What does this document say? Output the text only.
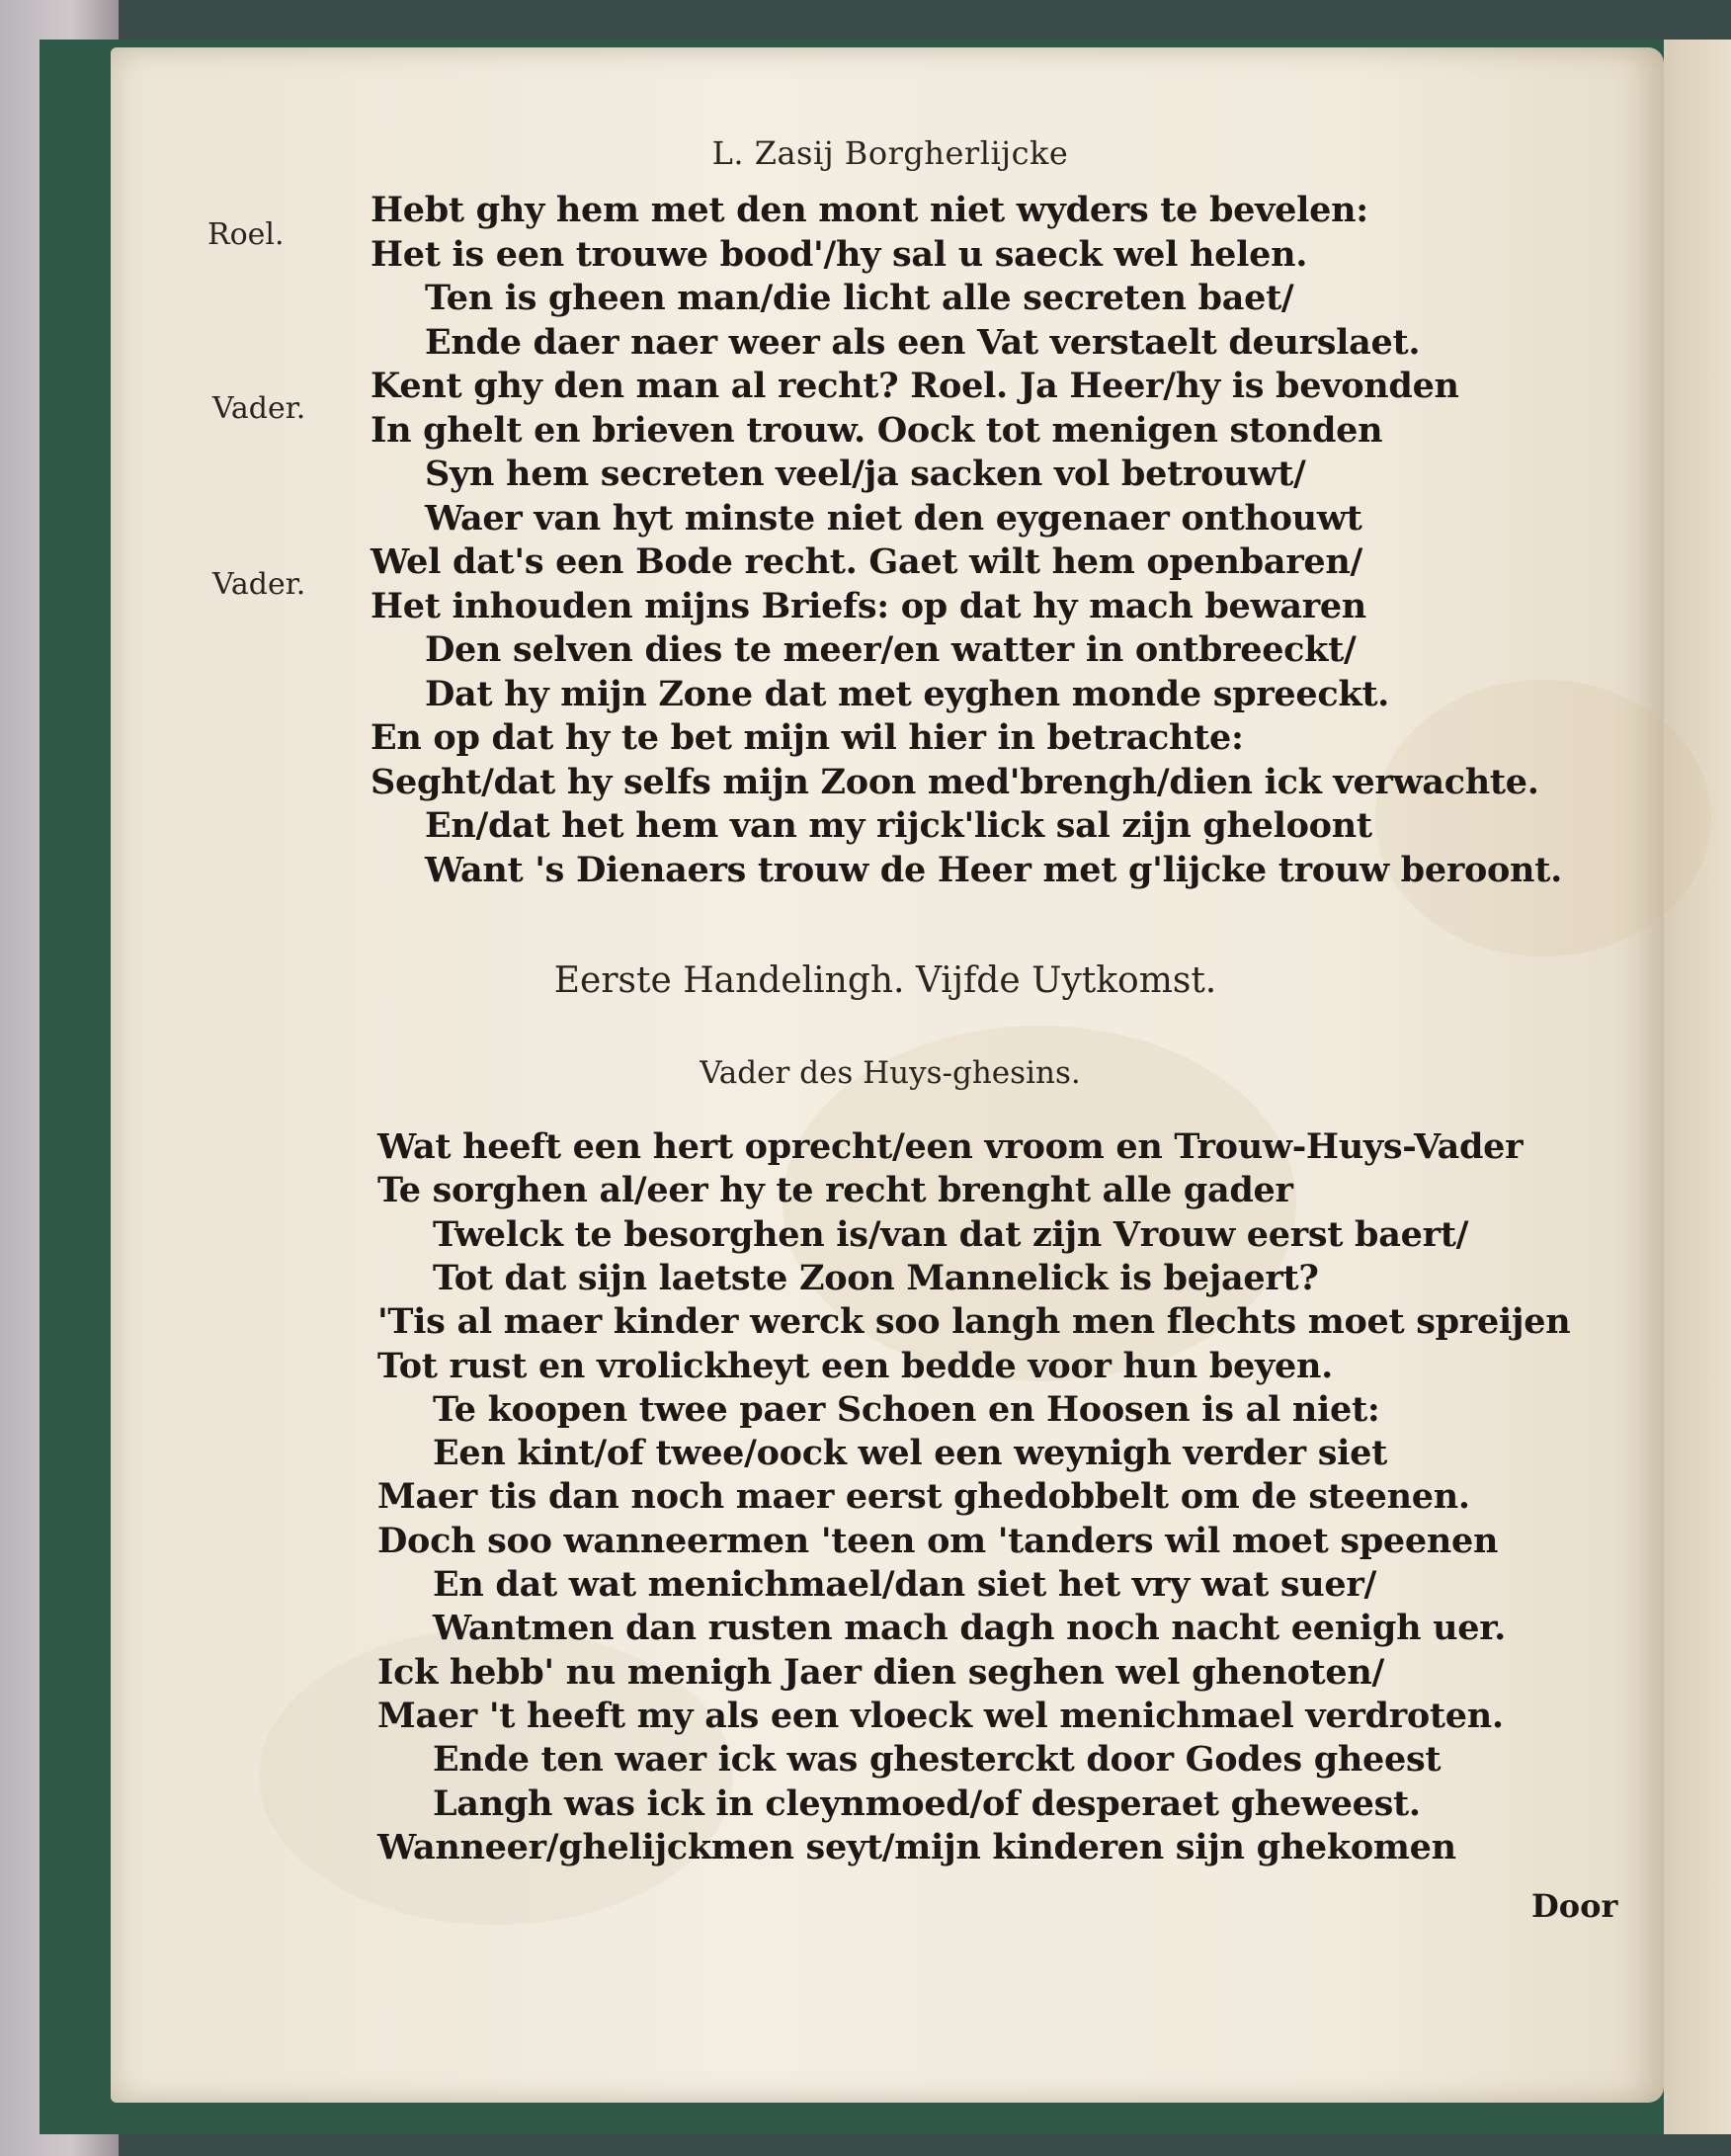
L. Zasij Borgherlijcke
Roel.
Vader.
Vader.
Hebt ghy hem met den mont niet wyders te bevelen:
Het is een trouwe bood'/hy sal u saeck wel helen.
Ten is gheen man/die licht alle secreten baet/
Ende daer naer weer als een Vat verstaelt deurslaet.
Kent ghy den man al recht? Roel. Ja Heer/hy is bevonden
In ghelt en brieven trouw. Oock tot menigen stonden
Syn hem secreten veel/ja sacken vol betrouwt/
Waer van hyt minste niet den eygenaer onthouwt
Wel dat's een Bode recht. Gaet wilt hem openbaren/
Het inhouden mijns Briefs: op dat hy mach bewaren
Den selven dies te meer/en watter in ontbreeckt/
Dat hy mijn Zone dat met eyghen monde spreeckt.
En op dat hy te bet mijn wil hier in betrachte:
Seght/dat hy selfs mijn Zoon med'brengh/dien ick verwachte.
En/dat het hem van my rijck'lick sal zijn gheloont
Want 's Dienaers trouw de Heer met g'lijcke trouw beroont.
Eerste Handelingh. Vijfde Uytkomst.
Vader des Huys-ghesins.
Wat heeft een hert oprecht/een vroom en Trouw-Huys-Vader
Te sorghen al/eer hy te recht brenght alle gader
Twelck te besorghen is/van dat zijn Vrouw eerst baert/
Tot dat sijn laetste Zoon Mannelick is bejaert?
'Tis al maer kinder werck soo langh men flechts moet spreijen
Tot rust en vrolickheyt een bedde voor hun beyen.
Te koopen twee paer Schoen en Hoosen is al niet:
Een kint/of twee/oock wel een weynigh verder siet
Maer tis dan noch maer eerst ghedobbelt om de steenen.
Doch soo wanneermen 'teen om 'tanders wil moet speenen
En dat wat menichmael/dan siet het vry wat suer/
Wantmen dan rusten mach dagh noch nacht eenigh uer.
Ick hebb' nu menigh Jaer dien seghen wel ghenoten/
Maer 't heeft my als een vloeck wel menichmael verdroten.
Ende ten waer ick was ghesterckt door Godes gheest
Langh was ick in cleynmoed/of desperaet gheweest.
Wanneer/ghelijckmen seyt/mijn kinderen sijn ghekomen
Door
